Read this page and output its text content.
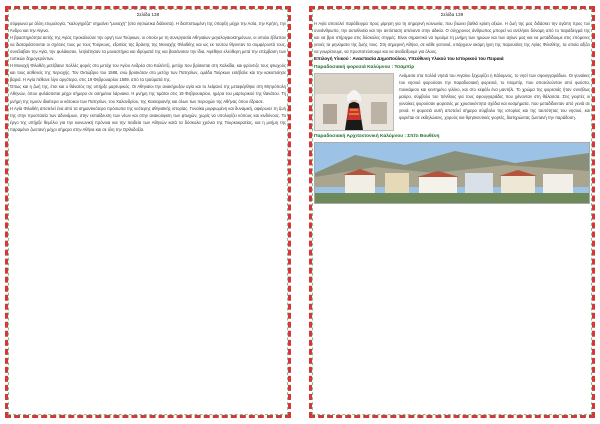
Σελίδα 138

σύμφωνα με άλλη ετυμολογία, "καλογηρέζα" σημαίνει "μοναχή" (στα νησιώτικα διάλεκτα). Η διαπιστωμένη της ύπαρξη μέχρι την Ασία, την Κρήτη, την Άνδρο και την Αίγινα.

Η βραστηριότητα αυτής της Αγίας προκαλούσε την οργή των Τούρκων, οι οποίοι με τη συνεργασία Αθηναίων μεγαλογαιοκτημόνων, οι οποίοι έβλεπαν να διαταράσσονται οι σχέσεις τους με τους Τούρκους, εξαιτίας της δράσης της Μοναχής Φιλοθέης και ως εκ τούτου θίγονταν τα συμφέροντά τους, συνέλαβαν την Αγία, την φυλάκισαν, λεηλάτησαν τα μοναστήρια και ιδρύματά της και βασάνισαν την ίδια. Αφέθηκε ελεύθερη μετά την επέμβαση των τοπικών δημογερόντων.

Η Μοναχή Φιλοθέη μετέβαινε πολλές φορές στο μετόχι του Αγίου Ανδρέα στο Καλέντζι, μετόχι που βρίσκεται στη Χαλκίδα, και φρόντιζε τους φτωχούς και τους ασθενείς της περιοχής. Τον Οκτώβριο του 1588, ενώ βρισκόταν στο μετόχι των Πατησίων, ομάδα Τούρκων εισέβαλε και την κακοποίησε βαριά. Η Αγία πέθανε λίγο αργότερα, στις 19 Φεβρουαρίου 1589, από τα τραύματά της.

Όπως και η ζωή της, έτσι και ο θάνατός της υπήρξε μαρτυρικός. Οι Αθηναίοι την ανακήρυξαν αγία και το λείψανό της μεταφέρθηκε στη Μητρόπολη Αθηνών, όπου φυλάσσεται μέχρι σήμερα σε ασημένια λάρνακα. Η μνήμη της τιμάται στις 19 Φεβρουαρίου, ημέρα του μαρτυρικού της θανάτου. Τη μνήμη της τιμούν ιδιαίτερα οι κάτοικοι των Πατησίων, του Χαλανδρίου, της Καισαριανής και όλων των περιοχών της Αθήνας όπου έδρασε.

Η Αγία Φιλοθέη αποτελεί ένα από τα σημαντικότερα πρόσωπα της νεότερης αθηναϊκής ιστορίας. Γυναίκα μορφωμένη και δυναμική, αφιέρωσε τη ζωή της στην προστασία των αδυνάμων, στην εκπαίδευση των νέων και στην ανακούφιση των φτωχών, χωρίς να υπολογίζει κόπους και κινδύνους. Το έργο της υπήρξε θεμέλιο για την κοινωνική πρόνοια και την παιδεία των Αθηνών κατά τα δύσκολα χρόνια της Τουρκοκρατίας, και η μνήμη της παραμένει ζωντανή μέχρι σήμερα στην Αθήνα και σε όλη την Ορθοδοξία.

Σελίδα 139

Η Αγία αποτελεί παράδειγμα προς μίμηση για τη σημερινή κοινωνία, που βιώνει βαθιά κρίση αξιών. Η ζωή της μας διδάσκει την αγάπη προς τον συνάνθρωπο, την αυτοθυσία και την αντίσταση απέναντι στην αδικία. Ο σύγχρονος άνθρωπος μπορεί να αντλήσει δύναμη από το παράδειγμά της και να βρει στήριγμα στις δύσκολες στιγμές. Είναι σημαντικό να τιμούμε τη μνήμη των ηρώων και των αγίων μας και να μεταδίδουμε στις επόμενες γενιές τα μηνύματα της ζωής τους. Στη σημερινή Αθήνα, σε κάθε γειτονιά, υπάρχουν ακόμη ίχνη της παρουσίας της Αγίας Φιλοθέης, τα οποία αξίζει να γνωρίσουμε, να προστατεύσουμε και να αναδείξουμε για όλους.

Επιλογή Υλικού : Αναστασία Δημοπούλου, Υπεύθυνη Υλικού του Ιστορικού του Πειραιά
Παραδοσιακή φορεσιά Καλύμνου : Τσαμπίρ

Ανάμεσα στα πολλά νησιά του Αιγαίου ξεχωρίζει η Κάλυμνος, το νησί των σφουγγαράδων. Οι γυναίκες του νησιού φορούσαν την παραδοσιακή φορεσιά, το τσαμπίρ, που αποτελούνταν από φούστα, πουκάμισο και κεντημένο γιλέκο, και στο κεφάλι ένα μαντήλι. Το χρώμα της φορεσιάς ήταν συνήθως μαύρο, σύμβολο του πένθους για τους σφουγγαράδες που χάνονταν στη θάλασσα. Στις γιορτές οι γυναίκες φορούσαν φορεσιές με χρυσοκέντητα σχέδια και κοσμήματα, που μεταδίδονταν από γενιά σε γενιά. Η φορεσιά αυτή αποτελεί σήμερα σύμβολο της ιστορίας και της ταυτότητας του νησιού, και φοριέται σε εκδηλώσεις, χορούς και θρησκευτικές γιορτές, διατηρώντας ζωντανή την παράδοση.

Παραδοσιακή Αρχιτεκτονική Καλύμνου : Σπίτι Βουθένη
